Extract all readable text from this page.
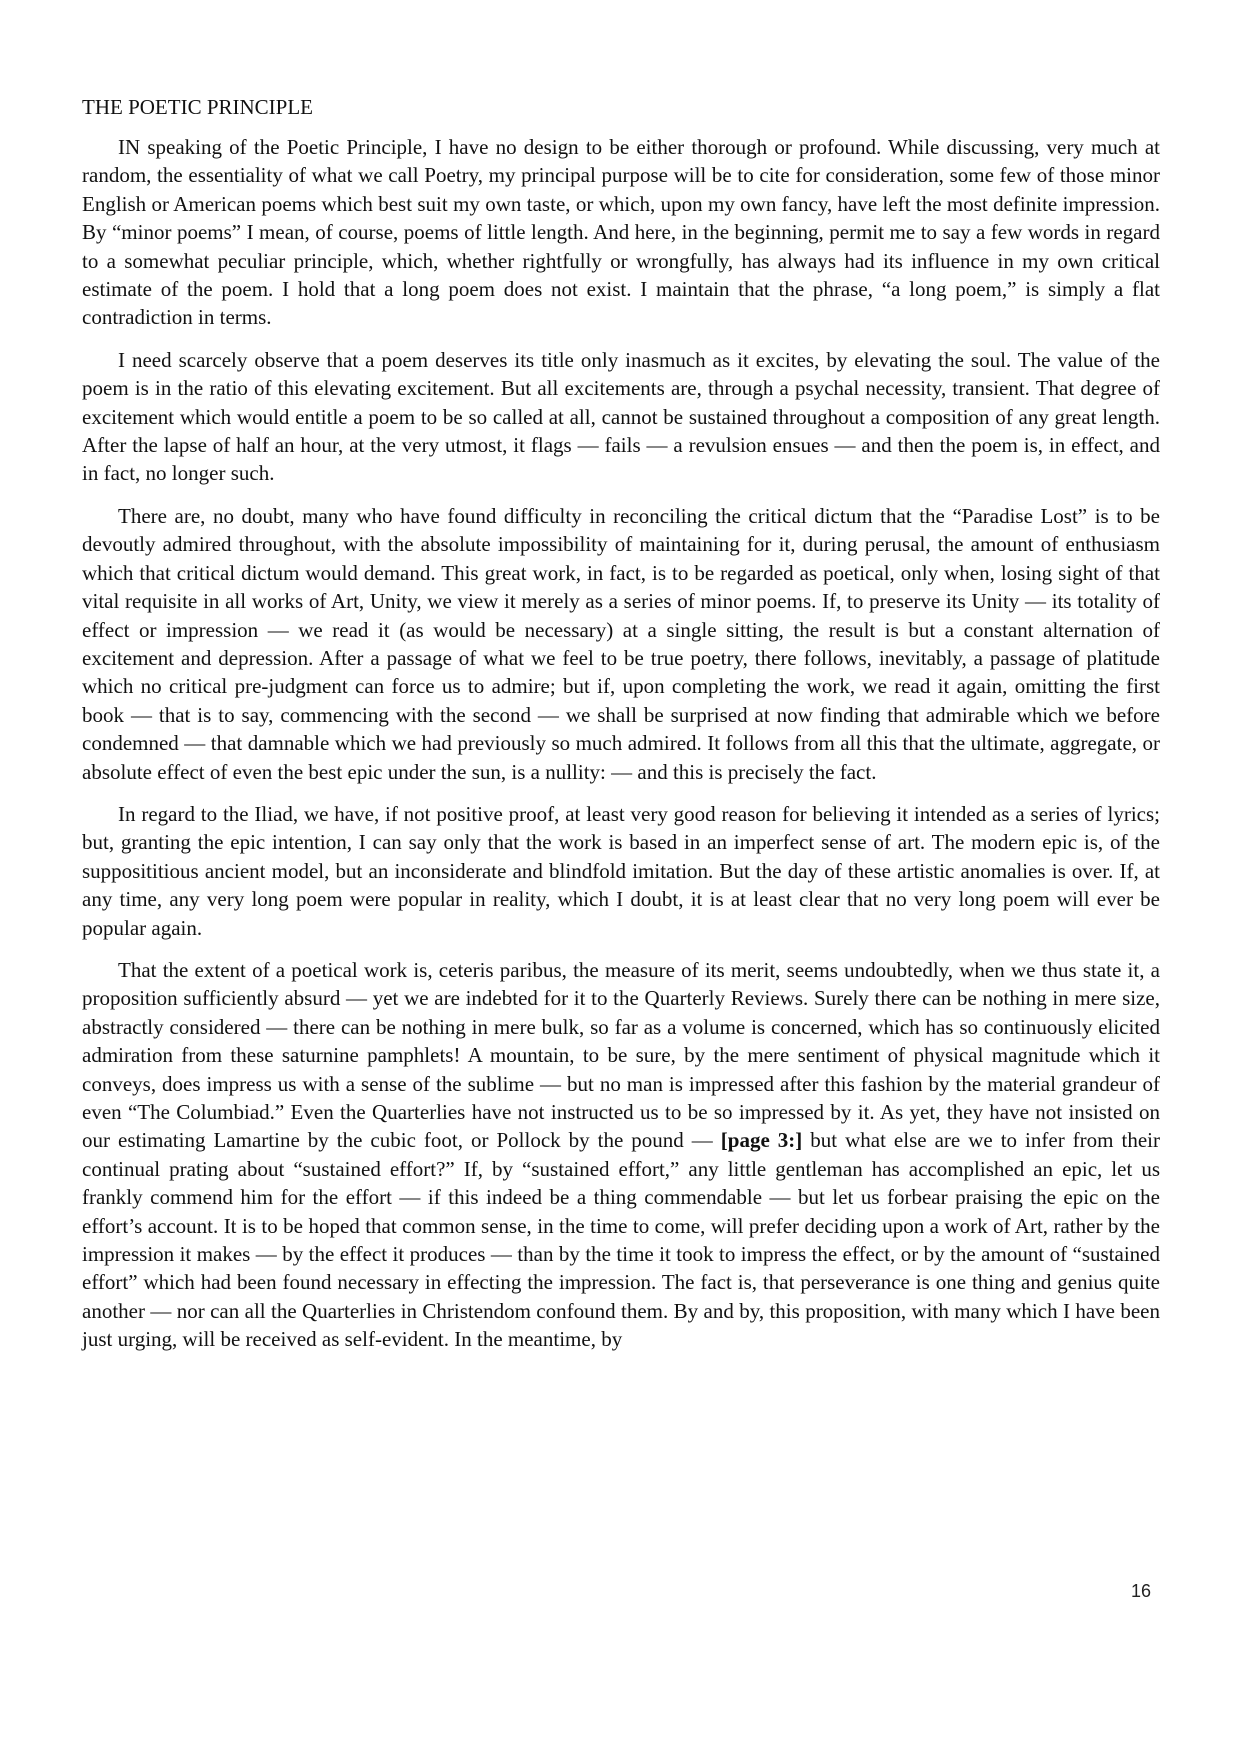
THE POETIC PRINCIPLE

IN speaking of the Poetic Principle, I have no design to be either thorough or profound. While discussing, very much at random, the essentiality of what we call Poetry, my principal purpose will be to cite for consideration, some few of those minor English or American poems which best suit my own taste, or which, upon my own fancy, have left the most definite impression. By “minor poems” I mean, of course, poems of little length. And here, in the beginning, permit me to say a few words in regard to a somewhat peculiar principle, which, whether rightfully or wrongfully, has always had its influence in my own critical estimate of the poem. I hold that a long poem does not exist. I maintain that the phrase, “a long poem,” is simply a flat contradiction in terms.

I need scarcely observe that a poem deserves its title only inasmuch as it excites, by elevating the soul. The value of the poem is in the ratio of this elevating excitement. But all excitements are, through a psychal necessity, transient. That degree of excitement which would entitle a poem to be so called at all, cannot be sustained throughout a composition of any great length. After the lapse of half an hour, at the very utmost, it flags — fails — a revulsion ensues — and then the poem is, in effect, and in fact, no longer such.

There are, no doubt, many who have found difficulty in reconciling the critical dictum that the “Paradise Lost” is to be devoutly admired throughout, with the absolute impossibility of maintaining for it, during perusal, the amount of enthusiasm which that critical dictum would demand. This great work, in fact, is to be regarded as poetical, only when, losing sight of that vital requisite in all works of Art, Unity, we view it merely as a series of minor poems. If, to preserve its Unity — its totality of effect or impression — we read it (as would be necessary) at a single sitting, the result is but a constant alternation of excitement and depression. After a passage of what we feel to be true poetry, there follows, inevitably, a passage of platitude which no critical pre-judgment can force us to admire; but if, upon completing the work, we read it again, omitting the first book — that is to say, commencing with the second — we shall be surprised at now finding that admirable which we before condemned — that damnable which we had previously so much admired. It follows from all this that the ultimate, aggregate, or absolute effect of even the best epic under the sun, is a nullity: — and this is precisely the fact.

In regard to the Iliad, we have, if not positive proof, at least very good reason for believing it intended as a series of lyrics; but, granting the epic intention, I can say only that the work is based in an imperfect sense of art. The modern epic is, of the supposititious ancient model, but an inconsiderate and blindfold imitation. But the day of these artistic anomalies is over. If, at any time, any very long poem were popular in reality, which I doubt, it is at least clear that no very long poem will ever be popular again.

That the extent of a poetical work is, ceteris paribus, the measure of its merit, seems undoubtedly, when we thus state it, a proposition sufficiently absurd — yet we are indebted for it to the Quarterly Reviews. Surely there can be nothing in mere size, abstractly considered — there can be nothing in mere bulk, so far as a volume is concerned, which has so continuously elicited admiration from these saturnine pamphlets! A mountain, to be sure, by the mere sentiment of physical magnitude which it conveys, does impress us with a sense of the sublime — but no man is impressed after this fashion by the material grandeur of even “The Columbiad.” Even the Quarterlies have not instructed us to be so impressed by it. As yet, they have not insisted on our estimating Lamartine by the cubic foot, or Pollock by the pound — [page 3:] but what else are we to infer from their continual prating about “sustained effort?” If, by “sustained effort,” any little gentleman has accomplished an epic, let us frankly commend him for the effort — if this indeed be a thing commendable — but let us forbear praising the epic on the effort’s account. It is to be hoped that common sense, in the time to come, will prefer deciding upon a work of Art, rather by the impression it makes — by the effect it produces — than by the time it took to impress the effect, or by the amount of “sustained effort” which had been found necessary in effecting the impression. The fact is, that perseverance is one thing and genius quite another — nor can all the Quarterlies in Christendom confound them. By and by, this proposition, with many which I have been just urging, will be received as self-evident. In the meantime, by

16
